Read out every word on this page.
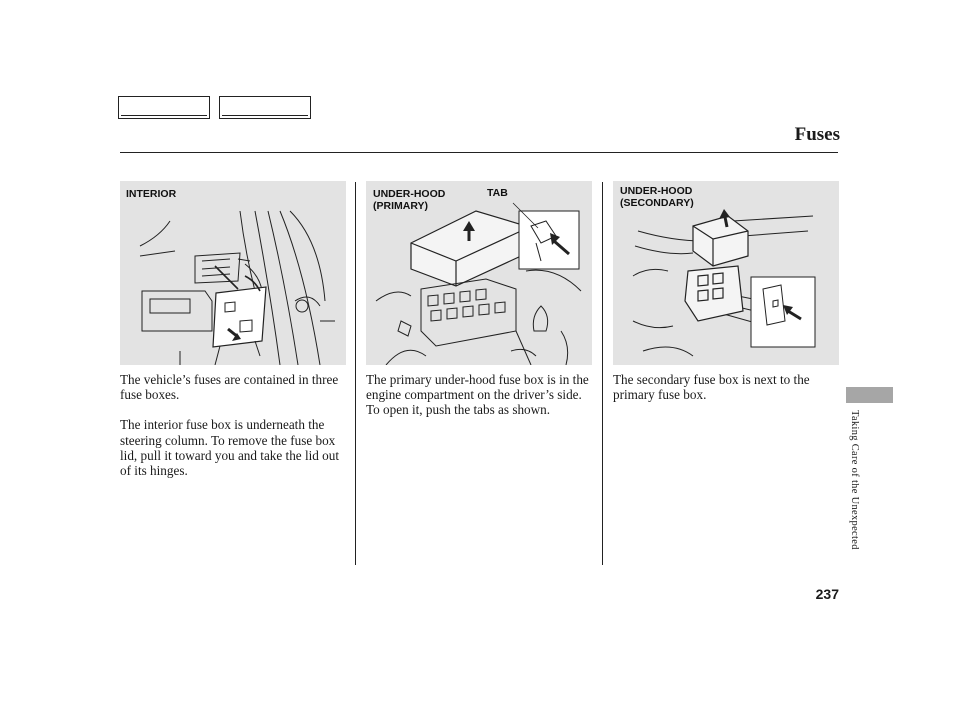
Fuses
INTERIOR	UNDER-HOOD
(PRIMARY)
TAB	UNDER-HOOD
(SECONDARY)

The vehicle’s fuses are contained in three fuse boxes.

The interior fuse box is underneath the steering column. To remove the fuse box lid, pull it toward you and take the lid out of its hinges.

The primary under-hood fuse box is in the engine compartment on the driver’s side. To open it, push the tabs as shown.

The secondary fuse box is next to the primary fuse box.

Taking Care of the Unexpected
237
